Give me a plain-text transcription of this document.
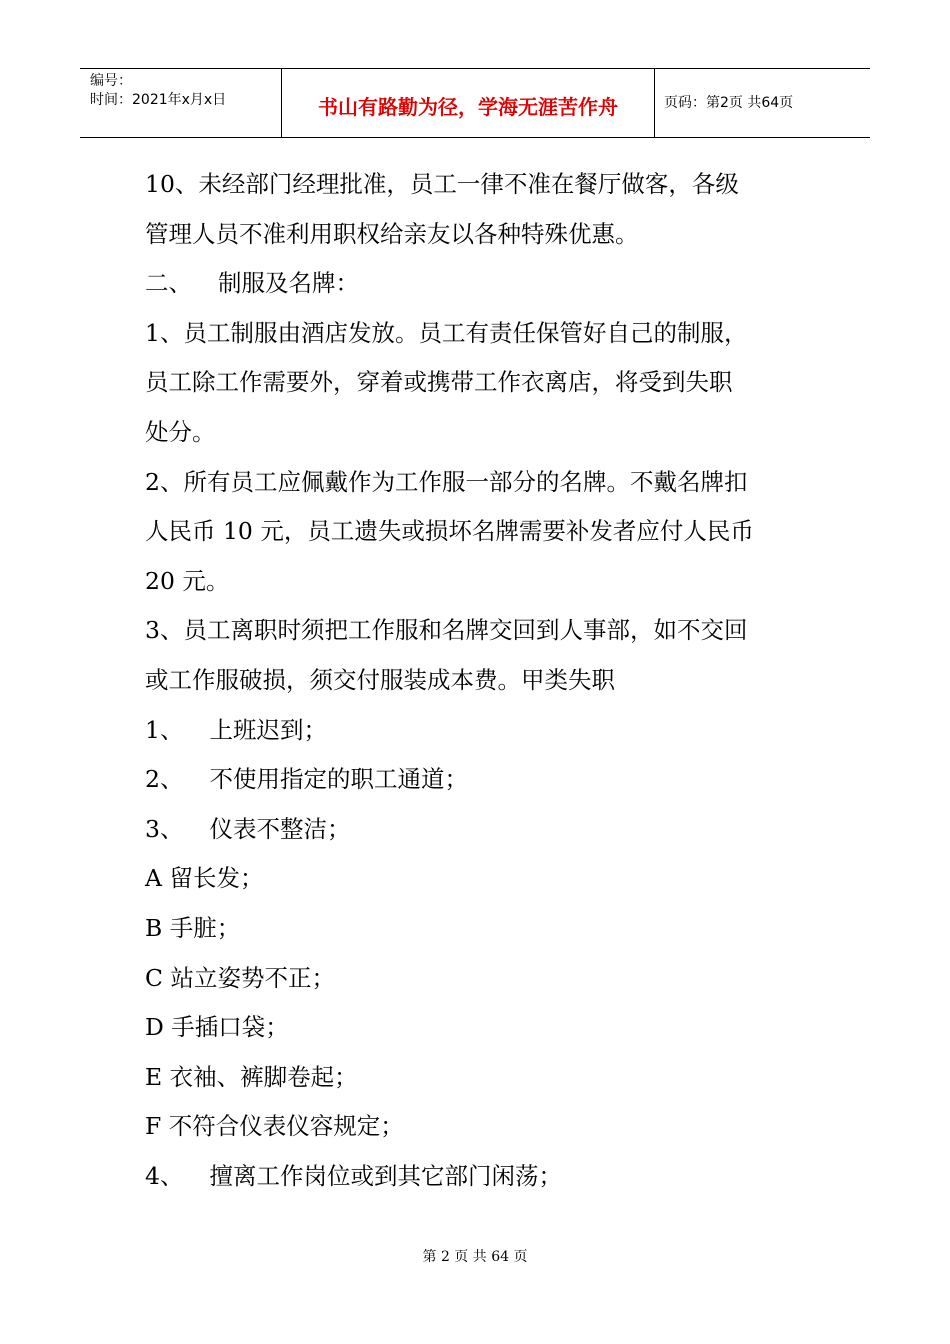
编号：
时间：2021年x月x日	书山有路勤为径，学海无涯苦作舟	页码：第2页 共64页

10、未经部门经理批准，员工一律不准在餐厅做客，各级

管理人员不准利用职权给亲友以各种特殊优惠。

二、 制服及名牌：

1、员工制服由酒店发放。员工有责任保管好自己的制服，

员工除工作需要外，穿着或携带工作衣离店，将受到失职

处分。

2、所有员工应佩戴作为工作服一部分的名牌。不戴名牌扣

人民币 10 元，员工遗失或损坏名牌需要补发者应付人民币

20 元。

3、员工离职时须把工作服和名牌交回到人事部，如不交回

或工作服破损，须交付服装成本费。甲类失职

1、 上班迟到；

2、 不使用指定的职工通道；

3、 仪表不整洁；

A 留长发；

B 手脏；

C 站立姿势不正；

D 手插口袋；

E 衣袖、裤脚卷起；

F 不符合仪表仪容规定；

4、 擅离工作岗位或到其它部门闲荡；

第 2 页 共 64 页
